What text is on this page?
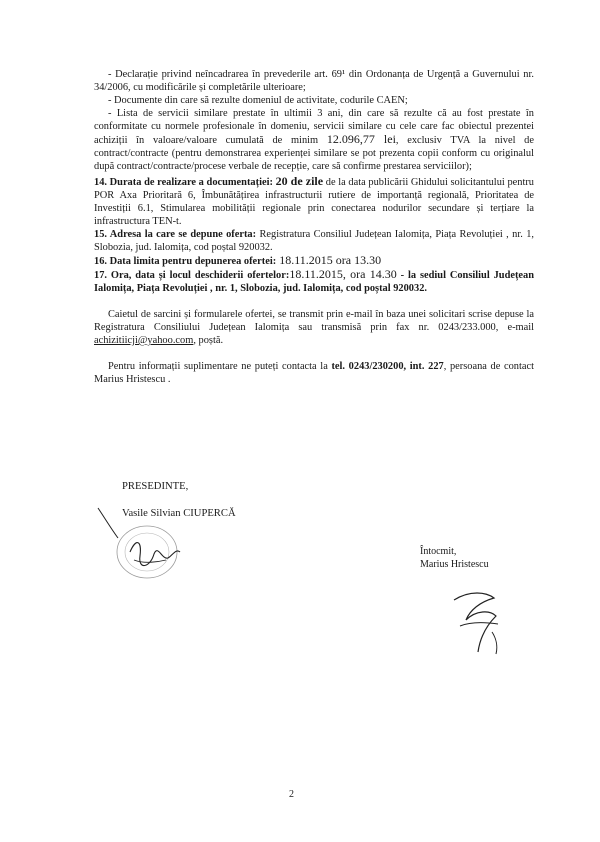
- Declarație privind neîncadrarea în prevederile art. 69¹ din Ordonanța de Urgență a Guvernului nr. 34/2006, cu modificările și completările ulterioare;

- Documente din care să rezulte domeniul de activitate, codurile CAEN;

- Lista de servicii similare prestate în ultimii 3 ani, din care să rezulte că au fost prestate în conformitate cu normele profesionale în domeniu, servicii similare cu cele care fac obiectul prezentei achiziții în valoare/valoare cumulată de minim 12.096,77 lei, exclusiv TVA la nivel de contract/contracte (pentru demonstrarea experienței similare se pot prezenta copii conform cu originalul după contract/contracte/procese verbale de recepție, care să confirme prestarea serviciilor);

14. Durata de realizare a documentației: 20 de zile de la data publicării Ghidului solicitantului pentru POR Axa Prioritară 6, Îmbunătățirea infrastructurii rutiere de importanță regională, Prioritatea de Investiții 6.1, Stimularea mobilității regionale prin conectarea nodurilor secundare și terțiare la infrastructura TEN-t.

15. Adresa la care se depune oferta: Registratura Consiliul Județean Ialomița, Piața Revoluției , nr. 1, Slobozia, jud. Ialomița, cod poștal 920032.

16. Data limita pentru depunerea ofertei: 18.11.2015 ora 13.30

17. Ora, data și locul deschiderii ofertelor:18.11.2015, ora 14.30 - la sediul Consiliul Județean Ialomița, Piața Revoluției , nr. 1, Slobozia, jud. Ialomița, cod poștal 920032.

Caietul de sarcini și formularele ofertei, se transmit prin e-mail în baza unei solicitari scrise depuse la Registratura Consiliului Județean Ialomița sau transmisă prin fax nr. 0243/233.000, e-mail achizitiicji@yahoo.com, poștă.

Pentru informații suplimentare ne puteți contacta la tel. 0243/230200, int. 227, persoana de contact Marius Hristescu .

PRESEDINTE,
Vasile Silvian CIUPERCĂ
Întocmit,
Marius Hristescu
2
